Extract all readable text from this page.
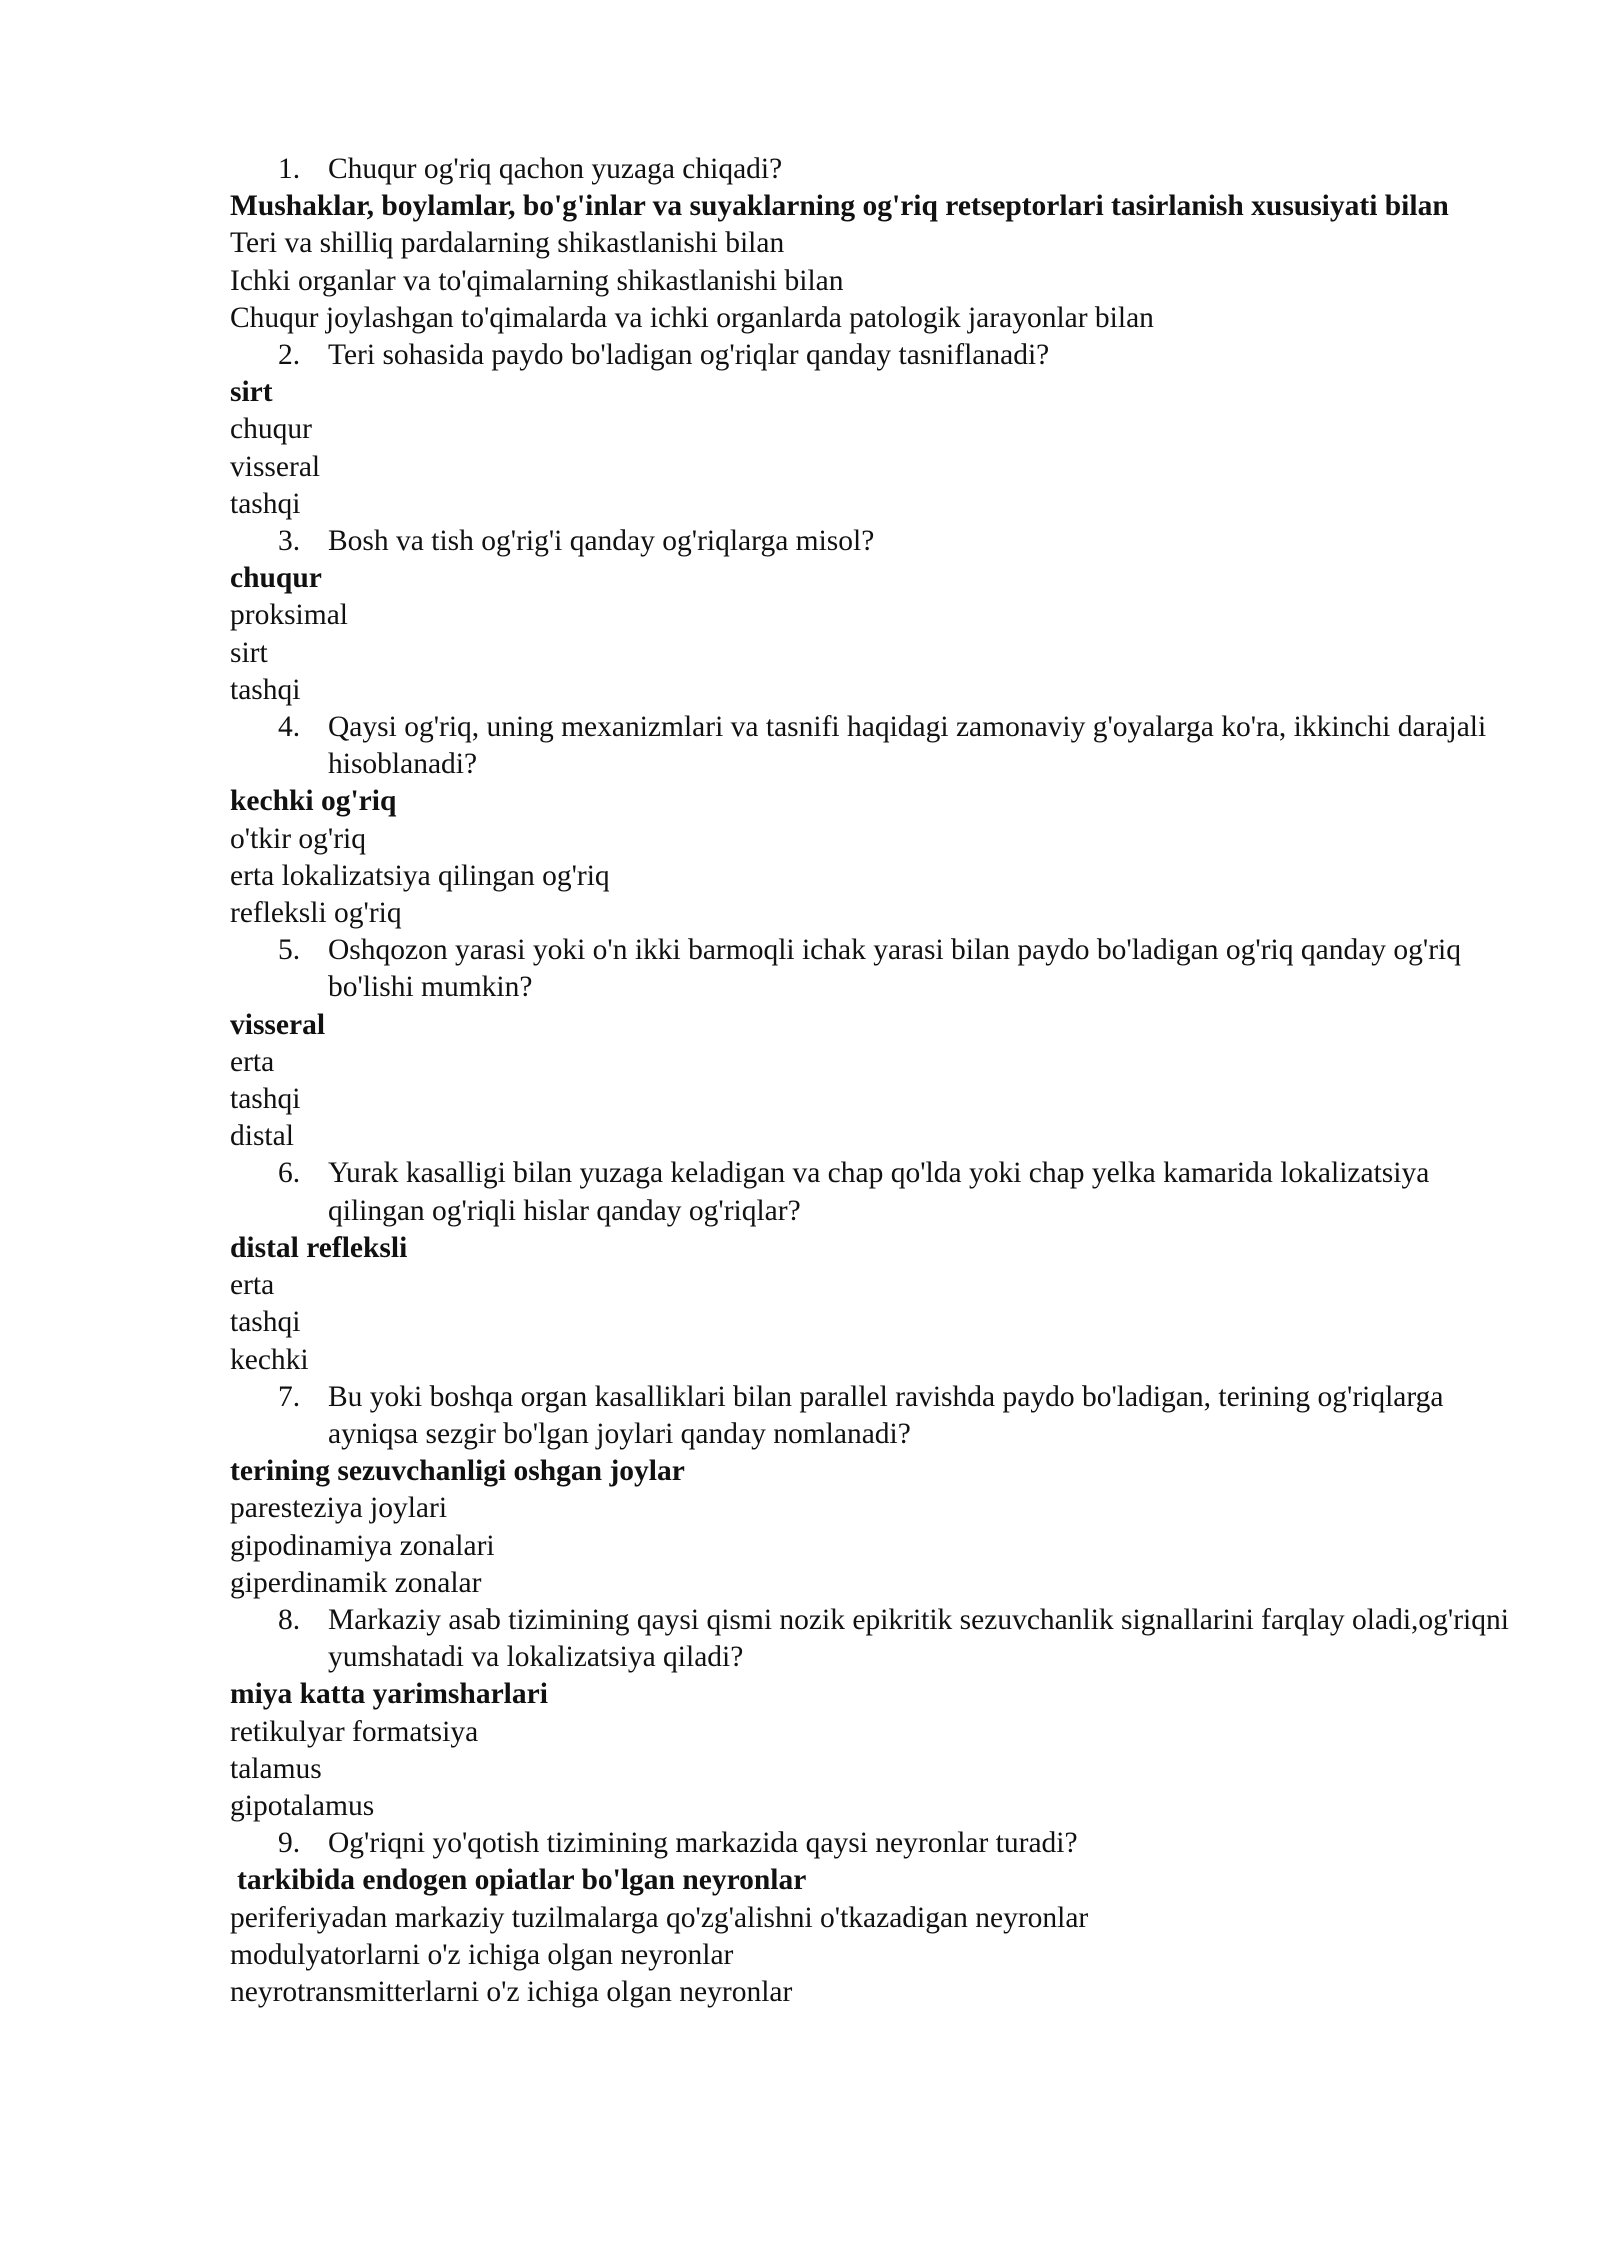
1. Chuqur og'riq qachon yuzaga chiqadi?
Mushaklar, boylamlar, bo'g'inlar va suyaklarning og'riq retseptorlari tasirlanish xususiyati bilan
Teri va shilliq pardalarning shikastlanishi bilan
Ichki organlar va to'qimalarning shikastlanishi bilan
Chuqur joylashgan to'qimalarda va ichki organlarda patologik jarayonlar bilan
2. Teri sohasida paydo bo'ladigan og'riqlar qanday tasniflanadi?
sirt
chuqur
visseral
tashqi
3. Bosh va tish og'rig'i qanday og'riqlarga misol?
chuqur
proksimal
sirt
tashqi
4. Qaysi og'riq, uning mexanizmlari va tasnifi haqidagi zamonaviy g'oyalarga ko'ra, ikkinchi darajali hisoblanadi?
kechki og'riq
o'tkir og'riq
erta lokalizatsiya qilingan og'riq
refleksli og'riq
5. Oshqozon yarasi yoki o'n ikki barmoqli ichak yarasi bilan paydo bo'ladigan og'riq qanday og'riq bo'lishi mumkin?
visseral
erta
tashqi
distal
6. Yurak kasalligi bilan yuzaga keladigan va chap qo'lda yoki chap yelka kamarida lokalizatsiya qilingan og'riqli hislar qanday og'riqlar?
distal refleksli
erta
tashqi
kechki
7. Bu yoki boshqa organ kasalliklari bilan parallel ravishda paydo bo'ladigan, terining og'riqlarga ayniqsa sezgir bo'lgan joylari qanday nomlanadi?
terining sezuvchanligi oshgan joylar
paresteziya joylari
gipodinamiya zonalari
giperdinamik zonalar
8. Markaziy asab tizimining qaysi qismi nozik epikritik sezuvchanlik signallarini farqlay oladi,og'riqni yumshatadi va lokalizatsiya qiladi?
miya katta yarimsharlari
retikulyar formatsiya
talamus
gipotalamus
9. Og'riqni yo'qotish tizimining markazida qaysi neyronlar turadi?
tarkibida endogen opiatlar bo'lgan neyronlar
periferiyadan markaziy tuzilmalarga qo'zg'alishni o'tkazadigan neyronlar
modulyatorlarni o'z ichiga olgan neyronlar
neyrotransmitterlarni o'z ichiga olgan neyronlar
